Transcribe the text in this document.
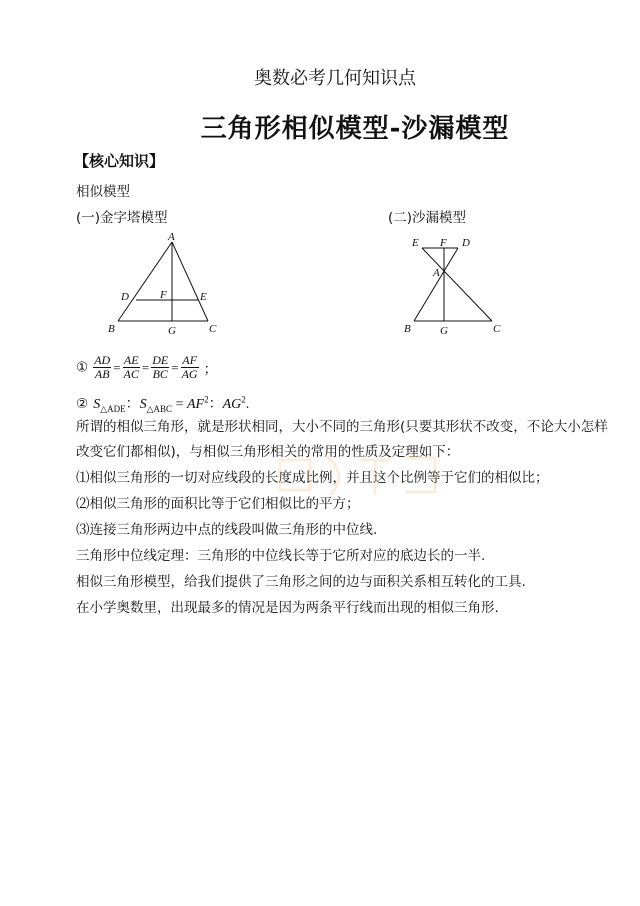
奥数必考几何知识点
三角形相似模型-沙漏模型
【核心知识】
相似模型
(一)金字塔模型	(二)沙漏模型
A
D	F	E
B	G	C
E F D
A
B	G	C
① $\frac{AD}{AB} = \frac{AE}{AC} = \frac{DE}{BC} = \frac{AF}{AG}$ ；
② $S_{\triangle ADE}$：$S_{\triangle ABC} = AF^2$：$AG^2$.
所谓的相似三角形，就是形状相同，大小不同的三角形(只要其形状不改变，不论大小怎样改变它们都相似)，与相似三角形相关的常用的性质及定理如下：
⑴相似三角形的一切对应线段的长度成比例，并且这个比例等于它们的相似比；
⑵相似三角形的面积比等于它们相似比的平方；
⑶连接三角形两边中点的线段叫做三角形的中位线.
三角形中位线定理：三角形的中位线长等于它所对应的底边长的一半.
相似三角形模型，给我们提供了三角形之间的边与面积关系相互转化的工具.
在小学奥数里，出现最多的情况是因为两条平行线而出现的相似三角形.
